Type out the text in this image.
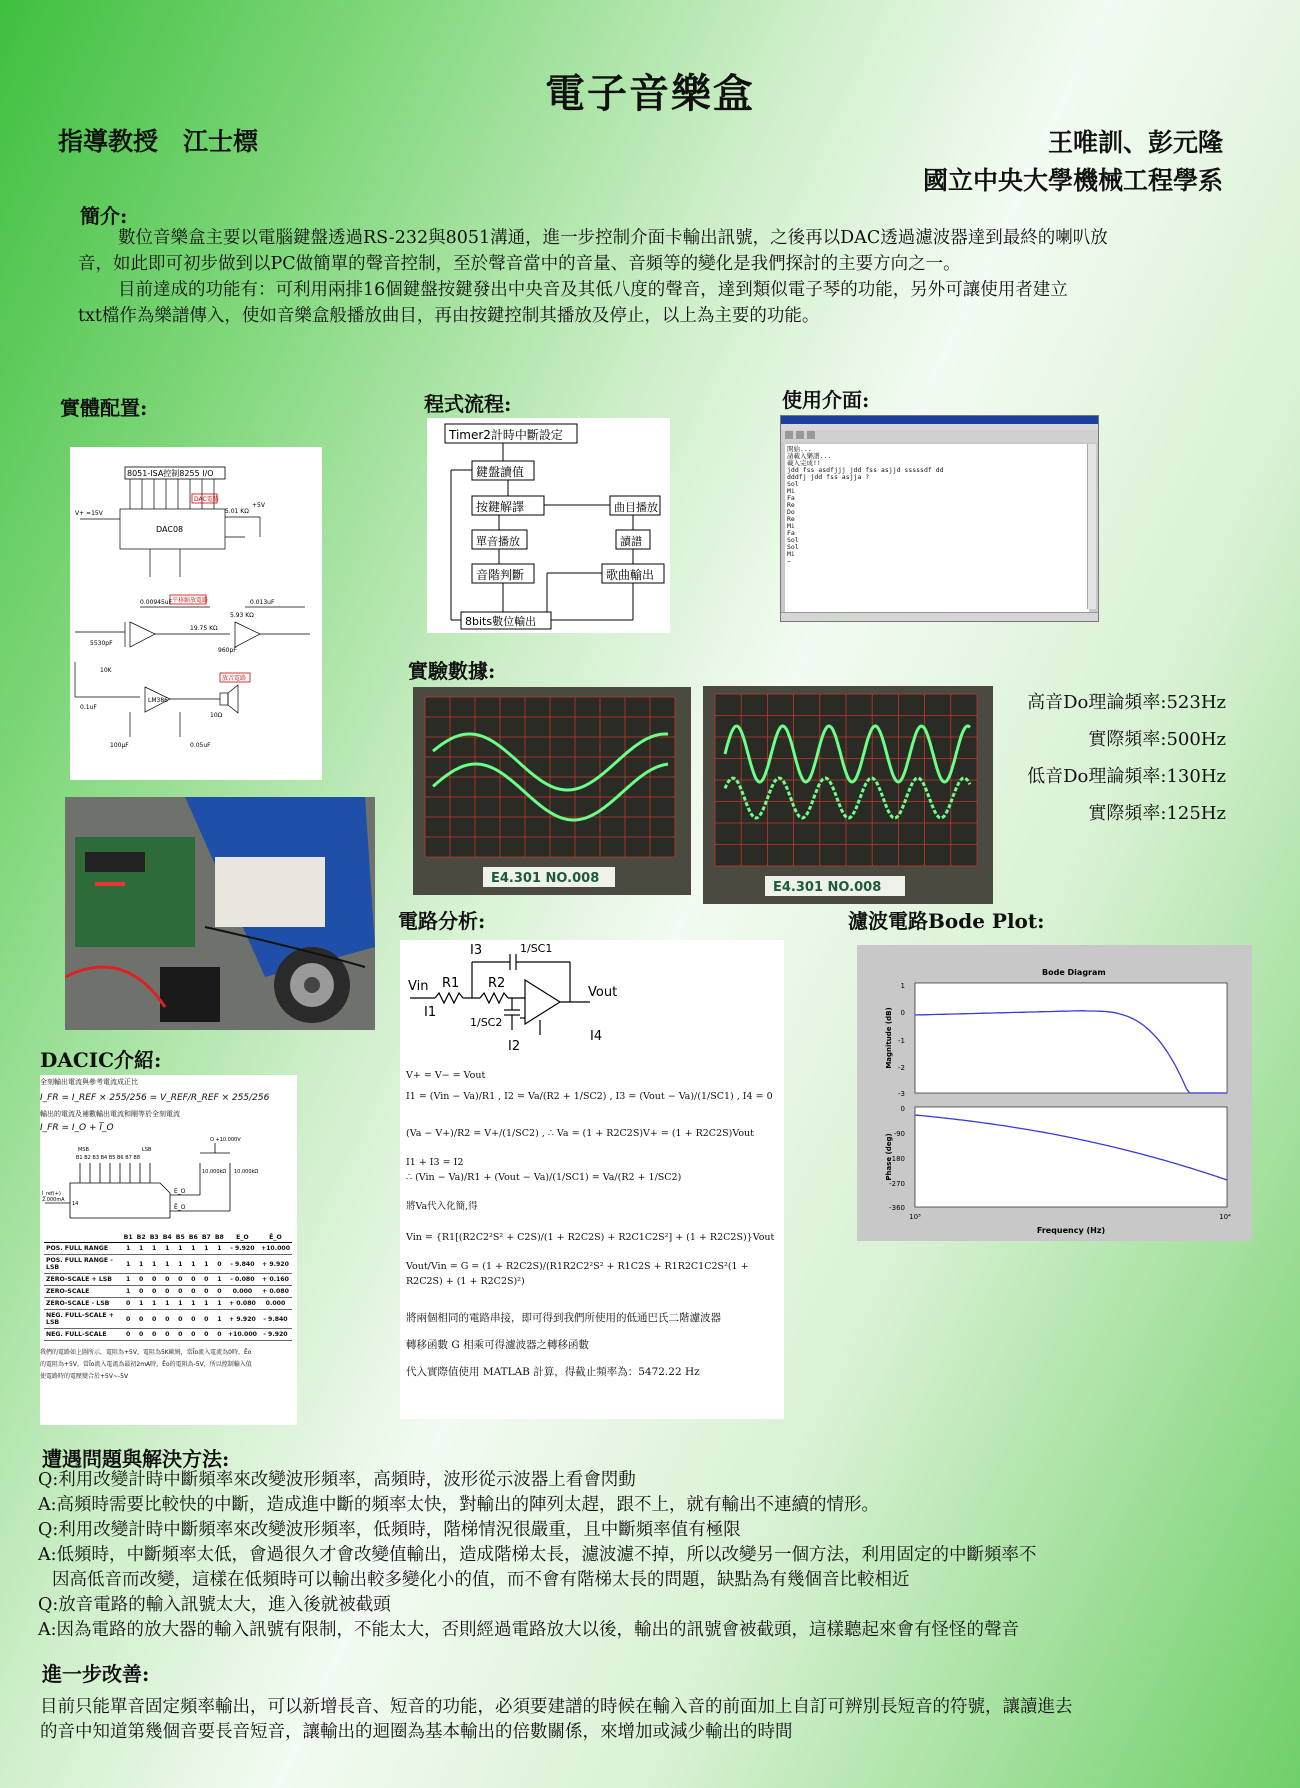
電子音樂盒
指導教授　江士標	王唯訓、彭元隆
國立中央大學機械工程學系
簡介:
數位音樂盒主要以電腦鍵盤透過RS-232與8051溝通，進一步控制介面卡輸出訊號，之後再以DAC透過濾波器達到最終的喇叭放
音，如此即可初步做到以PC做簡單的聲音控制，至於聲音當中的音量、音頻等的變化是我們探討的主要方向之一。
目前達成的功能有：可利用兩排16個鍵盤按鍵發出中央音及其低八度的聲音，達到類似電子琴的功能，另外可讓使用者建立
txt檔作為樂譜傳入，使如音樂盒般播放曲目，再由按鍵控制其播放及停止，以上為主要的功能。
實體配置:	程式流程:	使用介面:
實驗數據:
電路分析:	濾波電路Bode Plot:
DACIC介紹:
8051-ISA控制8255 I/O
DAC電路
平移縮放電路
放音電路
DAC08
+5V
V+ =15V	5.01 KΩ
0.00945uF	0.013uF
19.75 KΩ
5.93 KΩ
5530pF
960pF
0.1uF
100μF
10K
LM386
0.05uF
10Ω
Timer2計時中斷設定
鍵盤讀值
按鍵解譯	曲目播放
單音播放	讀譜
音階判斷	歌曲輸出
8bits數位輸出
開始...
請載入樂譜...
載入完成!!
jdd fss asdfjjj jdd fss asjjd sssssdf dd
dddfj jdd fss asjja ?
Sol
Mi
Fa
Re
Do
Re
Mi
Fa
Sol
Sol
Mi
—
E4.301 NO.008
E4.301 NO.008
高音Do理論頻率:523Hz
實際頻率:500Hz
低音Do理論頻率:130Hz
實際頻率:125Hz
Vin	Vout
R1 R2
I1
I2
I3
I4
1/SC1
1/SC2
V+ = V− = Vout
I1 = (Vin − Va)/R1 , I2 = Va/(R2 + 1/SC2) , I3 = (Vout − Va)/(1/SC1) , I4 = 0
(Va − V+)/R2 = V+/(1/SC2) , ∴ Va = (1 + R2C2S)V+ = (1 + R2C2S)Vout
I1 + I3 = I2
∴ (Vin − Va)/R1 + (Vout − Va)/(1/SC1) = Va/(R2 + 1/SC2)
將Va代入化簡,得
Vin = {R1[(R2C2²S² + C2S)/(1 + R2C2S) + R2C1C2S²] + (1 + R2C2S)}Vout
Vout/Vin = G = (1 + R2C2S)/(R1R2C2²S² + R1C2S + R1R2C1C2S²(1 + R2C2S) + (1 + R2C2S)²)
將兩個相同的電路串接，即可得到我們所使用的低通巴氏二階濾波器
轉移函數 G 相乘可得濾波器之轉移函數
代入實際值使用 MATLAB 計算，得截止頻率為：5472.22 Hz
Bode Diagram
1
0
-1
-2
-3
0
-90
-180
-270
-360
10³	10⁴
Frequency (Hz)
Magnitude (dB)
Phase (deg)
全刻輸出電流與參考電流成正比
I_FR = I_REF × 255/256 = V_REF/R_REF × 255/256
輸出的電流及補數輸出電流和剛等於全刻電流
I_FR = I_O + I̅_O
MSB	LSB
B1 B2 B3 B4 B5 B6 B7 B8
O +10.000V
10.000kΩ 10.000kΩ
I_ref(+)
2.000mA
14
E_O
Ē_O
	B1	B2	B3	B4	B5	B6	B7	B8	E_O	Ē_O
POS. FULL RANGE	1	1	1	1	1	1	1	1	- 9.920	+10.000
POS. FULL RANGE - LSB	1	1	1	1	1	1	1	0	- 9.840	+ 9.920
ZERO-SCALE + LSB	1	0	0	0	0	0	0	1	- 0.080	+ 0.160
ZERO-SCALE	1	0	0	0	0	0	0	0	0.000	+ 0.080
ZERO-SCALE - LSB	0	1	1	1	1	1	1	1	+ 0.080	0.000
NEG. FULL-SCALE + LSB	0	0	0	0	0	0	0	1	+ 9.920	- 9.840
NEG. FULL-SCALE	0	0	0	0	0	0	0	0	+10.000	- 9.920
我們的電路如上圖所示，電阻為+5V，電阻為5K歐姆，當Īo流入電流為0時，Ēo
的電阻為+5V，當Īo流入電流為最初2mA時，Ēo的電阻為-5V，所以控制輸入值
使電路時的電壓變合於+5V~-5V
遭遇問題與解決方法:
Q:利用改變計時中斷頻率來改變波形頻率，高頻時，波形從示波器上看會閃動
A:高頻時需要比較快的中斷，造成進中斷的頻率太快，對輸出的陣列太趕，跟不上，就有輸出不連續的情形。
Q:利用改變計時中斷頻率來改變波形頻率，低頻時，階梯情況很嚴重，且中斷頻率值有極限
A:低頻時，中斷頻率太低，會過很久才會改變值輸出，造成階梯太長，濾波濾不掉，所以改變另一個方法，利用固定的中斷頻率不
因高低音而改變，這樣在低頻時可以輸出較多變化小的值，而不會有階梯太長的問題，缺點為有幾個音比較相近
Q:放音電路的輸入訊號太大，進入後就被截頭
A:因為電路的放大器的輸入訊號有限制，不能太大，否則經過電路放大以後，輸出的訊號會被截頭，這樣聽起來會有怪怪的聲音
進一步改善:
目前只能單音固定頻率輸出，可以新增長音、短音的功能，必須要建譜的時候在輸入音的前面加上自訂可辨別長短音的符號，讓讀進去
的音中知道第幾個音要長音短音，讓輸出的迴圈為基本輸出的倍數關係，來增加或減少輸出的時間
